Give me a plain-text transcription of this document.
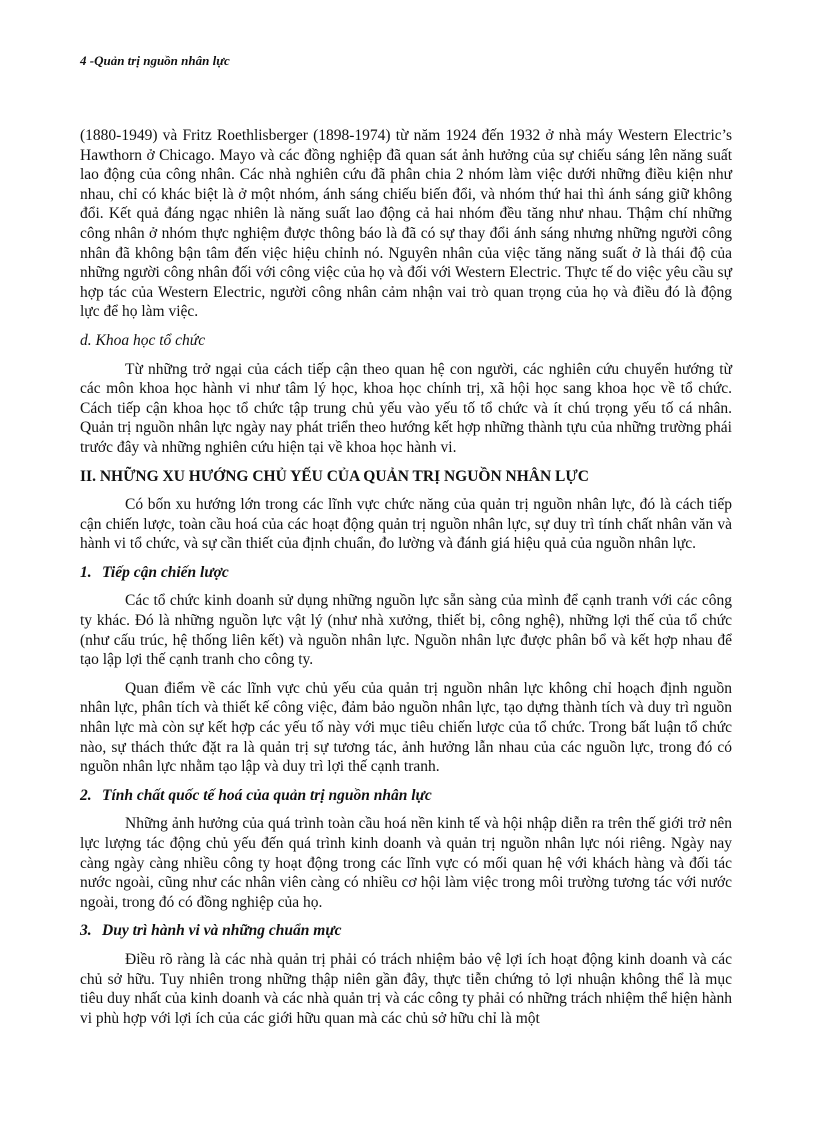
4 -Quản trị nguồn nhân lực

(1880-1949) và Fritz Roethlisberger (1898-1974) từ năm 1924 đến 1932 ở nhà máy Western Electric’s Hawthorn ở Chicago. Mayo và các đồng nghiệp đã quan sát ảnh hưởng của sự chiếu sáng lên năng suất lao động của công nhân. Các nhà nghiên cứu đã phân chia 2 nhóm làm việc dưới những điều kiện như nhau, chỉ có khác biệt là ở một nhóm, ánh sáng chiếu biến đổi, và nhóm thứ hai thì ánh sáng giữ không đổi. Kết quả đáng ngạc nhiên là năng suất lao động cả hai nhóm đều tăng như nhau. Thậm chí những công nhân ở nhóm thực nghiệm được thông báo là đã có sự thay đổi ánh sáng nhưng những người công nhân đã không bận tâm đến việc hiệu chỉnh nó. Nguyên nhân của việc tăng năng suất ở là thái độ của những người công nhân đối với công việc của họ và đối với Western Electric. Thực tế do việc yêu cầu sự hợp tác của Western Electric, người công nhân cảm nhận vai trò quan trọng của họ và điều đó là động lực để họ làm việc.

d. Khoa học tổ chức

Từ những trở ngại của cách tiếp cận theo quan hệ con người, các nghiên cứu chuyển hướng từ các môn khoa học hành vi như tâm lý học, khoa học chính trị, xã hội học sang khoa học về tổ chức. Cách tiếp cận khoa học tổ chức tập trung chủ yếu vào yếu tố tổ chức và ít chú trọng yếu tố cá nhân. Quản trị nguồn nhân lực ngày nay phát triển theo hướng kết hợp những thành tựu của những trường phái trước đây và những nghiên cứu hiện tại về khoa học hành vi.

II. NHỮNG XU HƯỚNG CHỦ YẾU CỦA QUẢN TRỊ NGUỒN NHÂN LỰC

Có bốn xu hướng lớn trong các lĩnh vực chức năng của quản trị nguồn nhân lực, đó là cách tiếp cận chiến lược, toàn cầu hoá của các hoạt động quản trị nguồn nhân lực, sự duy trì tính chất nhân văn và hành vi tổ chức, và sự cần thiết của định chuẩn, đo lường và đánh giá hiệu quả của nguồn nhân lực.

1. Tiếp cận chiến lược

Các tổ chức kinh doanh sử dụng những nguồn lực sẵn sàng của mình để cạnh tranh với các công ty khác. Đó là những nguồn lực vật lý (như nhà xưởng, thiết bị, công nghệ), những lợi thế của tổ chức (như cấu trúc, hệ thống liên kết) và nguồn nhân lực. Nguồn nhân lực được phân bổ và kết hợp nhau để tạo lập lợi thế cạnh tranh cho công ty.

Quan điểm về các lĩnh vực chủ yếu của quản trị nguồn nhân lực không chỉ hoạch định nguồn nhân lực, phân tích và thiết kế công việc, đảm bảo nguồn nhân lực, tạo dựng thành tích và duy trì nguồn nhân lực mà còn sự kết hợp các yếu tố này với mục tiêu chiến lược của tổ chức. Trong bất luận tổ chức nào, sự thách thức đặt ra là quản trị sự tương tác, ảnh hưởng lẫn nhau của các nguồn lực, trong đó có nguồn nhân lực nhằm tạo lập và duy trì lợi thế cạnh tranh.

2. Tính chất quốc tế hoá của quản trị nguồn nhân lực

Những ảnh hưởng của quá trình toàn cầu hoá nền kinh tế và hội nhập diễn ra trên thế giới trở nên lực lượng tác động chủ yếu đến quá trình kinh doanh và quản trị nguồn nhân lực nói riêng. Ngày nay càng ngày càng nhiều công ty hoạt động trong các lĩnh vực có mối quan hệ với khách hàng và đối tác nước ngoài, cũng như các nhân viên càng có nhiều cơ hội làm việc trong môi trường tương tác với nước ngoài, trong đó có đồng nghiệp của họ.

3. Duy trì hành vi và những chuẩn mực

Điều rõ ràng là các nhà quản trị phải có trách nhiệm bảo vệ lợi ích hoạt động kinh doanh và các chủ sở hữu. Tuy nhiên trong những thập niên gần đây, thực tiễn chứng tỏ lợi nhuận không thể là mục tiêu duy nhất của kinh doanh và các nhà quản trị và các công ty phải có những trách nhiệm thể hiện hành vi phù hợp với lợi ích của các giới hữu quan mà các chủ sở hữu chỉ là một
